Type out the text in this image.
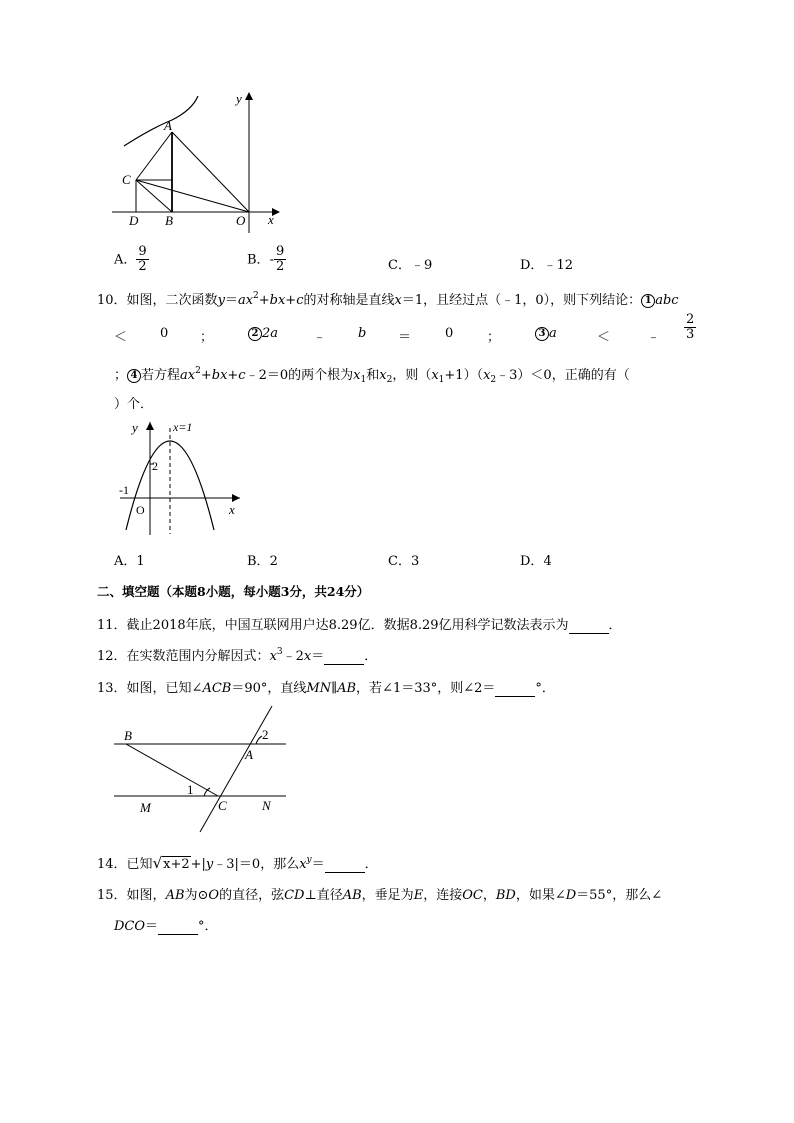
y
x
A
C
D B	O
A． $\frac{9}{2}$	B．- $\frac{9}{2}$	C．﹣9	D．﹣12
10．如图，二次函数$y=ax^2+bx+c$的对称轴是直线x＝1，且经过点（﹣1，0），则下列结论： 1 abc
＜	0 ；	2 2a	﹣ b ＝	0	；	3 a	＜	﹣ $\frac{2}{3}$
； 4 若方程$ax^2+bx+c﹣2=0$的两个根为$x_1$和$x_2$，则$(x_1+1)(x_2﹣3)<0$，正确的有（
）个．
y	x=1
2
-1
O	x
A．1	B．2	C．3	D．4
二、填空题（本题8小题，每小题3分，共24分）
11．截止2018年底，中国互联网用户达8.29亿．数据8.29亿用科学记数法表示为	．
12．在实数范围内分解因式：$x^3﹣2x=$	．
13．如图，已知∠ACB＝90°，直线MN∥AB，若∠1＝33°，则∠2＝	°．
B	2
A
1
M	C	N
14．已知√x+2+|y﹣3|＝0，那么$x^y=$	．
15．如图，AB为⊙O的直径，弦CD⊥直径AB，垂足为E，连接OC，BD，如果∠D＝55°，那么∠
DCO＝	°．
